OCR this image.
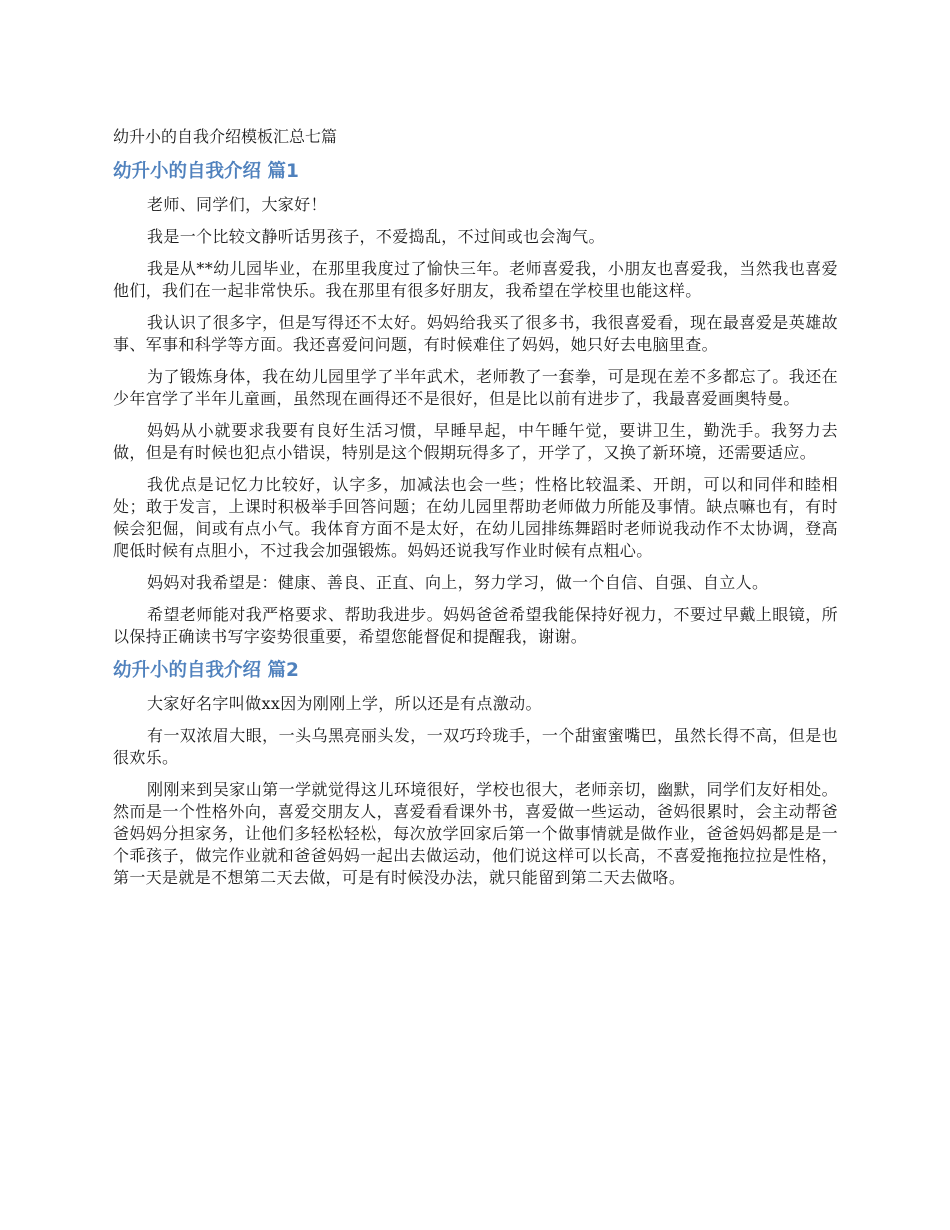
幼升小的自我介绍模板汇总七篇
幼升小的自我介绍 篇1

老师、同学们，大家好！

我是一个比较文静听话男孩子，不爱捣乱，不过间或也会淘气。

我是从**幼儿园毕业，在那里我度过了愉快三年。老师喜爱我，小朋友也喜爱我，当然我也喜爱他们，我们在一起非常快乐。我在那里有很多好朋友，我希望在学校里也能这样。

我认识了很多字，但是写得还不太好。妈妈给我买了很多书，我很喜爱看，现在最喜爱是英雄故事、军事和科学等方面。我还喜爱问问题，有时候难住了妈妈，她只好去电脑里查。

为了锻炼身体，我在幼儿园里学了半年武术，老师教了一套拳，可是现在差不多都忘了。我还在少年宫学了半年儿童画，虽然现在画得还不是很好，但是比以前有进步了，我最喜爱画奥特曼。

妈妈从小就要求我要有良好生活习惯，早睡早起，中午睡午觉，要讲卫生，勤洗手。我努力去做，但是有时候也犯点小错误，特别是这个假期玩得多了，开学了，又换了新环境，还需要适应。

我优点是记忆力比较好，认字多，加减法也会一些；性格比较温柔、开朗，可以和同伴和睦相处；敢于发言，上课时积极举手回答问题；在幼儿园里帮助老师做力所能及事情。缺点嘛也有，有时候会犯倔，间或有点小气。我体育方面不是太好，在幼儿园排练舞蹈时老师说我动作不太协调，登高爬低时候有点胆小，不过我会加强锻炼。妈妈还说我写作业时候有点粗心。

妈妈对我希望是：健康、善良、正直、向上，努力学习，做一个自信、自强、自立人。

希望老师能对我严格要求、帮助我进步。妈妈爸爸希望我能保持好视力，不要过早戴上眼镜，所以保持正确读书写字姿势很重要，希望您能督促和提醒我，谢谢。

幼升小的自我介绍 篇2

大家好名字叫做xx因为刚刚上学，所以还是有点激动。

有一双浓眉大眼，一头乌黑亮丽头发，一双巧玲珑手，一个甜蜜蜜嘴巴，虽然长得不高，但是也很欢乐。

刚刚来到吴家山第一学就觉得这儿环境很好，学校也很大，老师亲切，幽默，同学们友好相处。然而是一个性格外向，喜爱交朋友人，喜爱看看课外书，喜爱做一些运动，爸妈很累时，会主动帮爸爸妈妈分担家务，让他们多轻松轻松，每次放学回家后第一个做事情就是做作业，爸爸妈妈都是是一个乖孩子，做完作业就和爸爸妈妈一起出去做运动，他们说这样可以长高，不喜爱拖拖拉拉是性格，第一天是就是不想第二天去做，可是有时候没办法，就只能留到第二天去做咯。
